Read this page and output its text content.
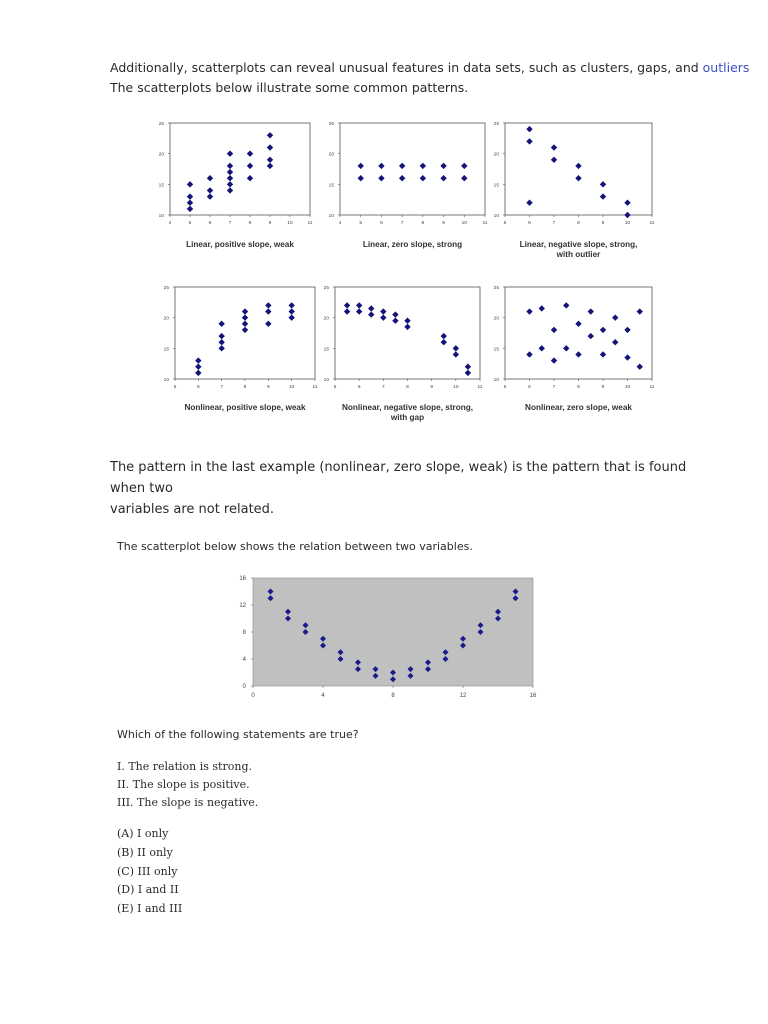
Additionally, scatterplots can reveal unusual features in data sets, such as clusters, gaps, and outliers
The scatterplots below illustrate some common patterns.
4	5	6	7	8	9	10	11
10
15
20
25
Linear, positive slope, weak
4	5	6	7	8	9	10	11
10
15
20
25
Linear, zero slope, strong
5	6	7	8	9	10	11
10
15
20
25
Linear, negative slope, strong,
with outlier
5	6	7	8	9	10	11
10
15
20
25
Nonlinear, positive slope, weak
5	6	7	8	9	10	11
10
15
20
25
Nonlinear, negative slope, strong,
with gap
5	6	7	8	9	10	11
10
15
20
25
Nonlinear, zero slope, weak
The pattern in the last example (nonlinear, zero slope, weak) is the pattern that is found when two
variables are not related.
The scatterplot below shows the relation between two variables.
0	4	8	12	16
0
4
8
12
16
Which of the following statements are true?
I. The relation is strong.
II. The slope is positive.
III. The slope is negative.
(A) I only
(B) II only
(C) III only
(D) I and II
(E) I and III
